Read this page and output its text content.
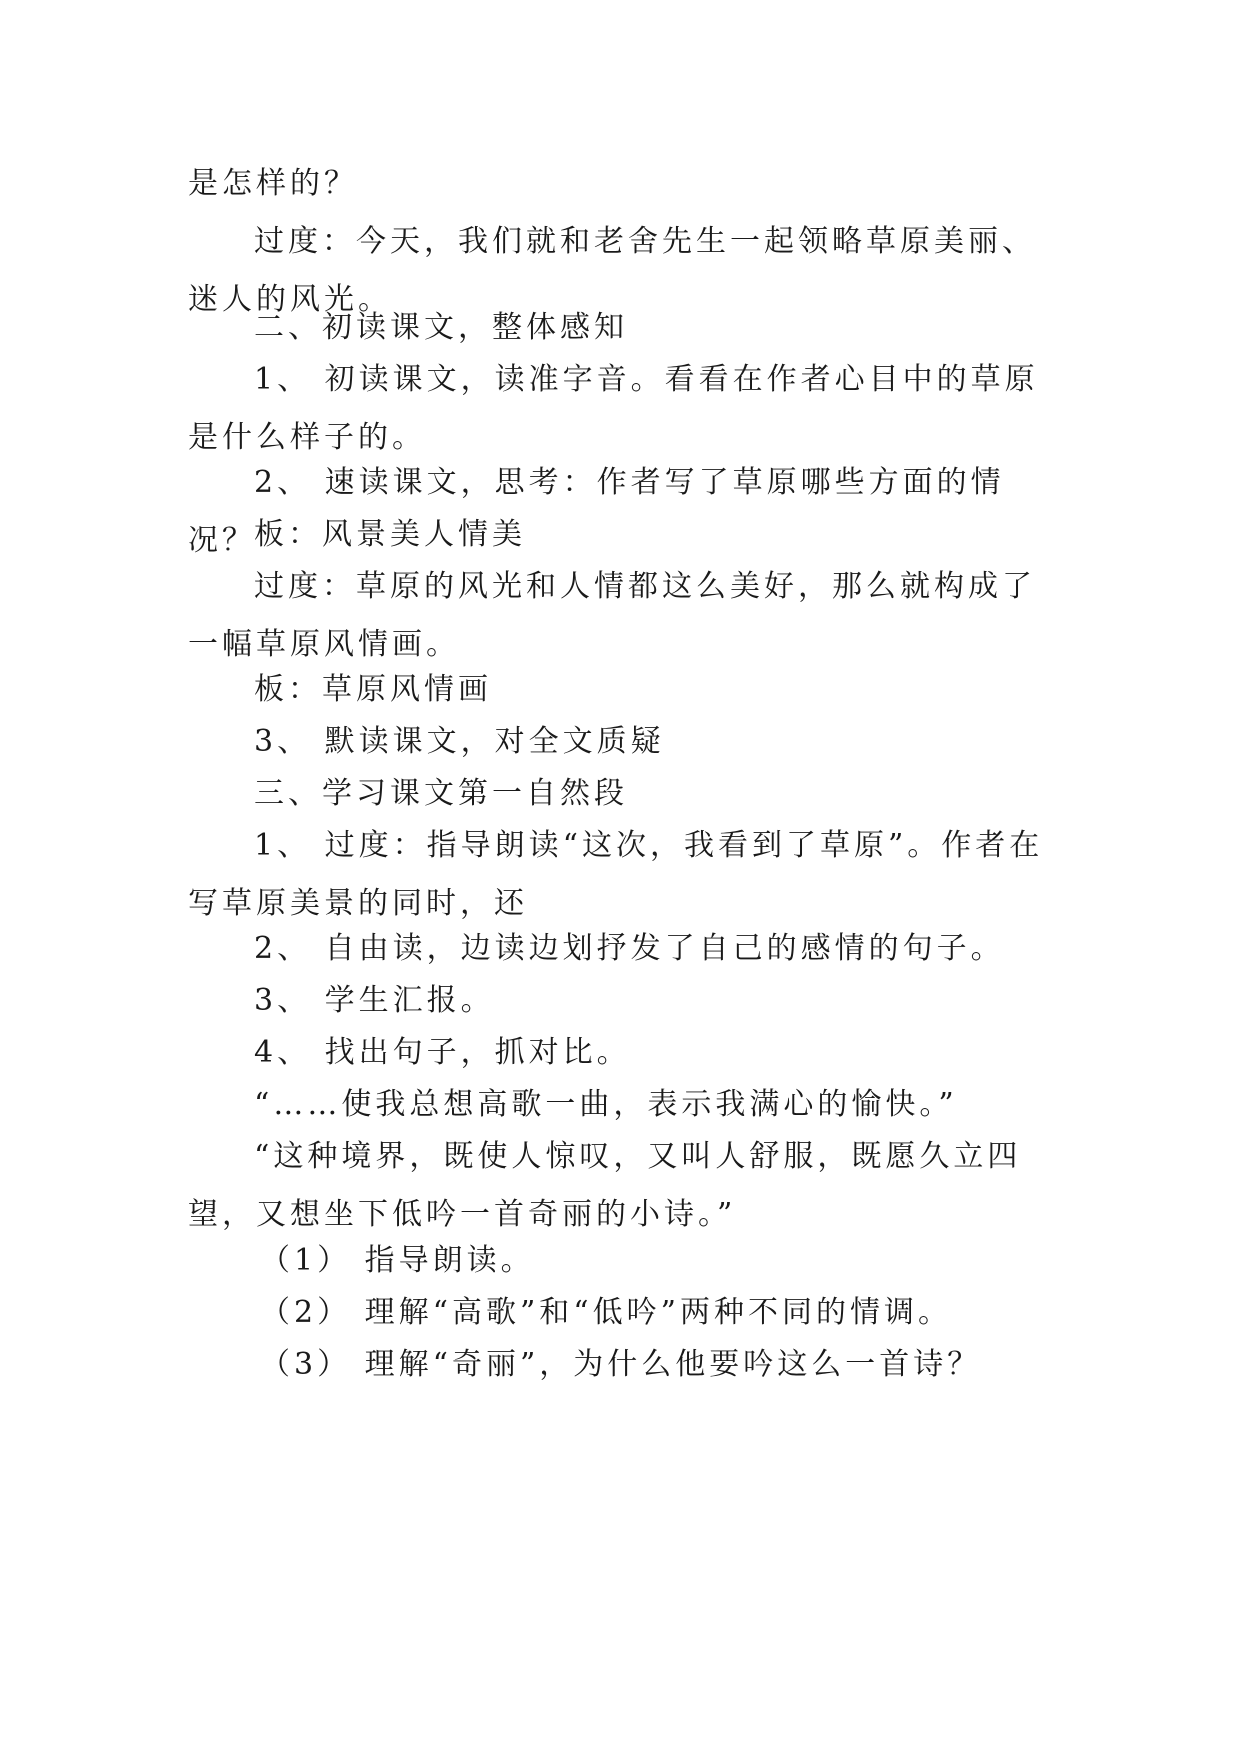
是怎样的？

过度：今天，我们就和老舍先生一起领略草原美丽、迷人的风光。

二、初读课文，整体感知

1、 初读课文，读准字音。看看在作者心目中的草原是什么样子的。

2、 速读课文，思考：作者写了草原哪些方面的情况？

板：风景美人情美

过度：草原的风光和人情都这么美好，那么就构成了一幅草原风情画。

板：草原风情画

3、 默读课文，对全文质疑

三、学习课文第一自然段

1、 过度：指导朗读“这次，我看到了草原”。作者在写草原美景的同时，还

2、 自由读，边读边划抒发了自己的感情的句子。

3、 学生汇报。

4、 找出句子，抓对比。

“……使我总想高歌一曲，表示我满心的愉快。”

“这种境界，既使人惊叹，又叫人舒服，既愿久立四望，又想坐下低吟一首奇丽的小诗。”

（1） 指导朗读。

（2） 理解“高歌”和“低吟”两种不同的情调。

（3） 理解“奇丽”，为什么他要吟这么一首诗？
